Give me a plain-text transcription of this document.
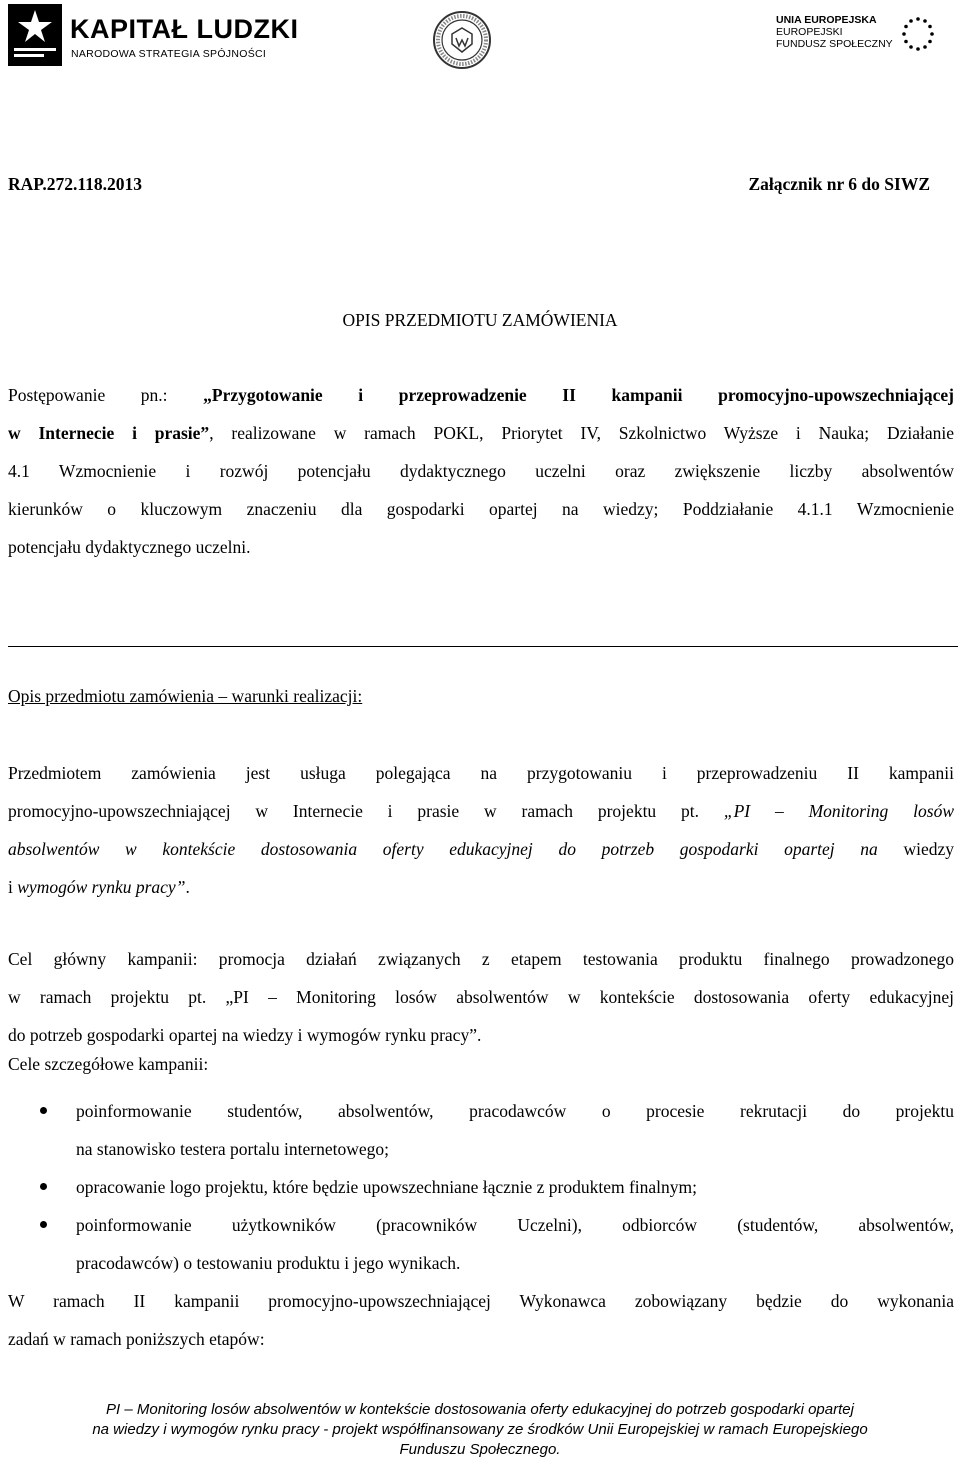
KAPITAŁ LUDZKI
NARODOWA STRATEGIA SPÓJNOŚCI
UNIA EUROPEJSKA
EUROPEJSKI
FUNDUSZ SPOŁECZNY
RAP.272.118.2013	Załącznik nr 6 do SIWZ
OPIS PRZEDMIOTU ZAMÓWIENIA
Postępowanie pn.: „Przygotowanie i przeprowadzenie II kampanii promocyjno-upowszechniającej
w Internecie i prasie”, realizowane w ramach POKL, Priorytet IV, Szkolnictwo Wyższe i Nauka; Działanie
4.1 Wzmocnienie i rozwój potencjału dydaktycznego uczelni oraz zwiększenie liczby absolwentów
kierunków o kluczowym znaczeniu dla gospodarki opartej na wiedzy; Poddziałanie 4.1.1 Wzmocnienie
potencjału dydaktycznego uczelni.
Opis przedmiotu zamówienia – warunki realizacji:
Przedmiotem zamówienia jest usługa polegająca na przygotowaniu i przeprowadzeniu II kampanii
promocyjno-upowszechniającej w Internecie i prasie w ramach projektu pt. „PI – Monitoring losów
absolwentów w kontekście dostosowania oferty edukacyjnej do potrzeb gospodarki opartej na wiedzy
i wymogów rynku pracy”.
Cel główny kampanii: promocja działań związanych z etapem testowania produktu finalnego prowadzonego
w ramach projektu pt. „PI – Monitoring losów absolwentów w kontekście dostosowania oferty edukacyjnej
do potrzeb gospodarki opartej na wiedzy i wymogów rynku pracy”.
Cele szczegółowe kampanii:
poinformowanie studentów, absolwentów, pracodawców o procesie rekrutacji do projektu
na stanowisko testera portalu internetowego;
opracowanie logo projektu, które będzie upowszechniane łącznie z produktem finalnym;
poinformowanie użytkowników (pracowników Uczelni), odbiorców (studentów, absolwentów,
pracodawców) o testowaniu produktu i jego wynikach.
W ramach II kampanii promocyjno-upowszechniającej Wykonawca zobowiązany będzie do wykonania
zadań w ramach poniższych etapów:
PI – Monitoring losów absolwentów w kontekście dostosowania oferty edukacyjnej do potrzeb gospodarki opartej
na wiedzy i wymogów rynku pracy - projekt współfinansowany ze środków Unii Europejskiej w ramach Europejskiego
Funduszu Społecznego.
